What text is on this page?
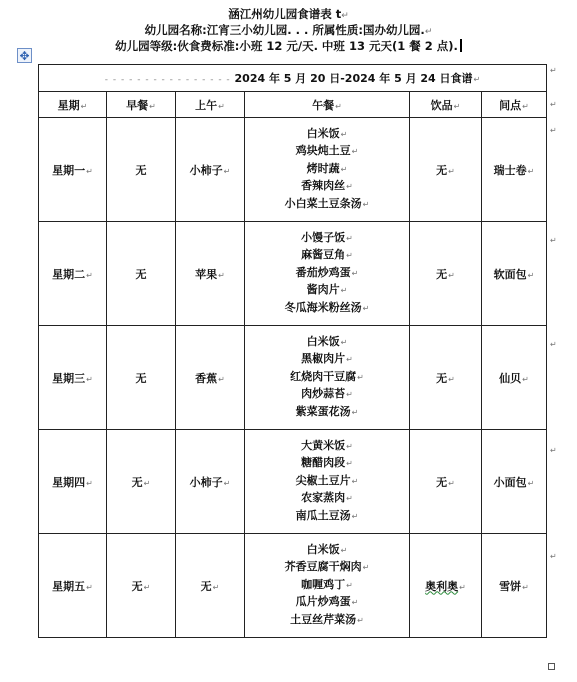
涵江州幼儿园食谱表 t↵
幼儿园名称:江宵三小幼儿园. . . 所属性质:国办幼儿园.↵
幼儿园等级:伙食费标准:小班 12 元/天. 中班 13 元天(1 餐 2 点).
✥
- - - - - - - - - - - - - - - - 2024 年 5 月 20 日-2024 年 5 月 24 日食谱↵					
星期↵	早餐↵	上午↵	午餐↵	饮品↵	间点↵
星期一↵	无	小柿子↵	白米饭↵
鸡块炖土豆↵
烤时蔬↵
香辣肉丝↵
小白菜土豆条汤↵	无↵	瑞士卷↵
星期二↵	无	苹果↵	小馒子饭↵
麻酱豆角↵
番茄炒鸡蛋↵
酱肉片↵
冬瓜海米粉丝汤↵	无↵	软面包↵
星期三↵	无	香蕉↵	白米饭↵
黑椒肉片↵
红烧肉干豆腐↵
肉炒蒜苔↵
紫菜蛋花汤↵	无↵	仙贝↵
星期四↵	无↵	小柿子↵	大黄米饭↵
糖醋肉段↵
尖椒土豆片↵
农家蒸肉↵
南瓜土豆汤↵	无↵	小面包↵
星期五↵	无↵	无↵	白米饭↵
芥香豆腐干焖肉↵
咖喱鸡丁↵
瓜片炒鸡蛋↵
土豆丝芹菜汤↵	奥利奥↵	雪饼↵
↵
↵
↵
↵
↵
↵
↵
